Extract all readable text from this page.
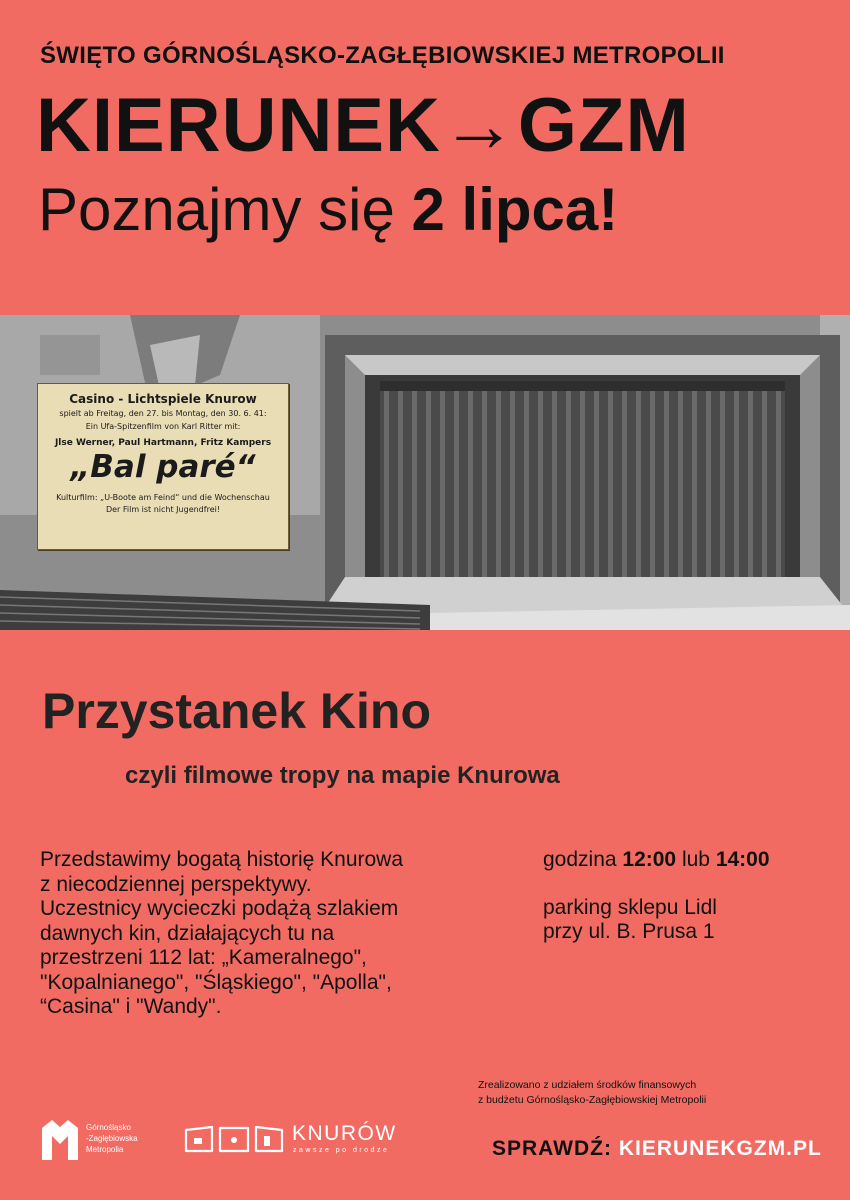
ŚWIĘTO GÓRNOŚLĄSKO-ZAGŁĘBIOWSKIEJ METROPOLII
KIERUNEK→GZM
Poznajmy się 2 lipca!
Casino - Lichtspiele Knurow
spielt ab Freitag, den 27. bis Montag, den 30. 6. 41:
Ein Ufa-Spitzenfilm von Karl Ritter mit:
Jlse Werner, Paul Hartmann, Fritz Kampers
„Bal paré“
Kulturfilm: „U-Boote am Feind“ und die Wochenschau
Der Film ist nicht Jugendfrei!
Przystanek Kino
czyli filmowe tropy na mapie Knurowa
Przedstawimy bogatą historię Knurowa
z niecodziennej perspektywy.
Uczestnicy wycieczki podążą szlakiem
dawnych kin, działających tu na
przestrzeni 112 lat: „Kameralnego",
"Kopalnianego", "Śląskiego", "Apolla",
“Casina" i "Wandy".
godzina 12:00 lub 14:00
parking sklepu Lidl
przy ul. B. Prusa 1
Zrealizowano z udziałem środków finansowych
z budżetu Górnośląsko-Zagłębiowskiej Metropolii
Górnośląsko
-Zagłębiowska
Metropolia
KNURÓW
zawsze po drodze	SPRAWDŹ: KIERUNEKGZM.PL
